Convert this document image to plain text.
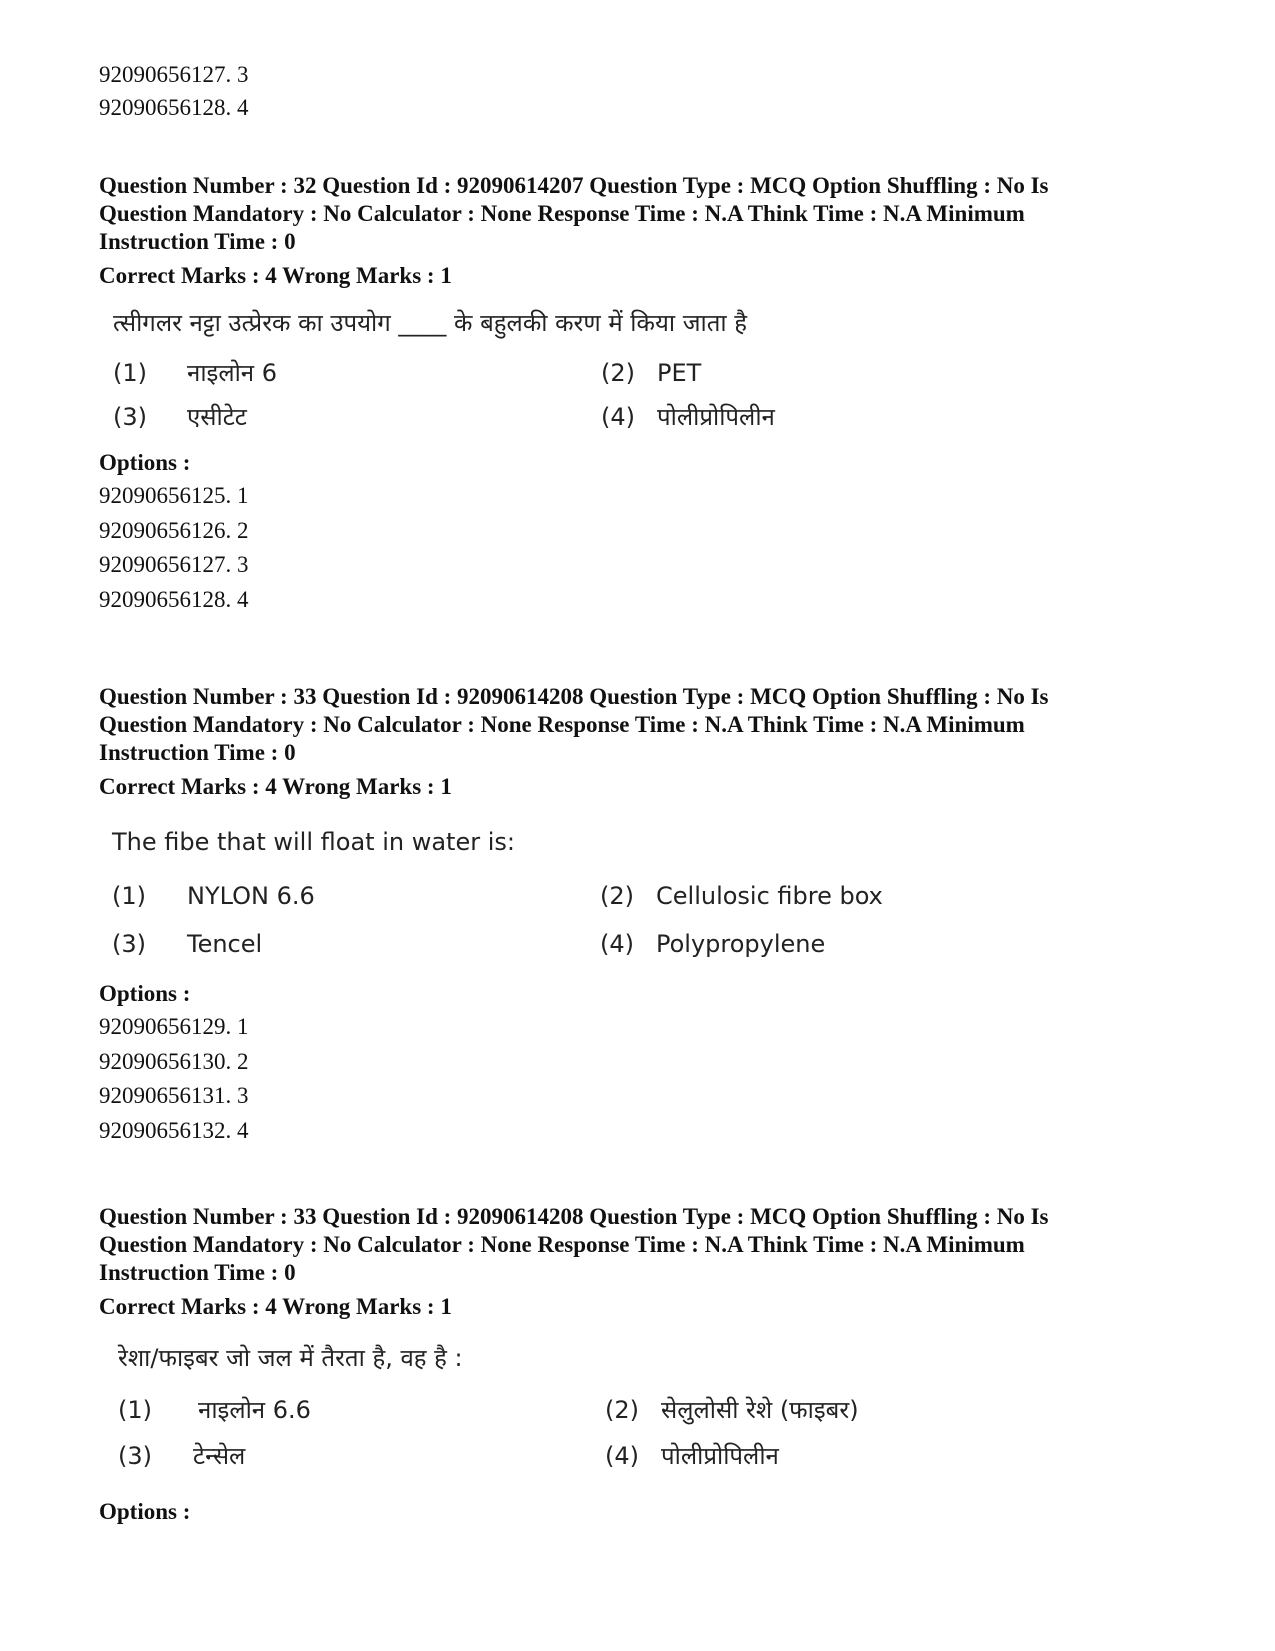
92090656127. 3
92090656128. 4
Question Number : 32 Question Id : 92090614207 Question Type : MCQ Option Shuffling : No Is
Question Mandatory : No Calculator : None Response Time : N.A Think Time : N.A Minimum
Instruction Time : 0
Correct Marks : 4 Wrong Marks : 1
त्सीगलर नट्टा उत्प्रेरक का उपयोग ____ के बहुलकी करण में किया जाता है
(1)	नाइलोन 6	(2) PET
(3)	एसीटेट	(4) पोलीप्रोपिलीन
Options :
92090656125. 1
92090656126. 2
92090656127. 3
92090656128. 4
Question Number : 33 Question Id : 92090614208 Question Type : MCQ Option Shuffling : No Is
Question Mandatory : No Calculator : None Response Time : N.A Think Time : N.A Minimum
Instruction Time : 0
Correct Marks : 4 Wrong Marks : 1
The fibe that will float in water is:
(1)	NYLON 6.6	(2) Cellulosic fibre box
(3)	Tencel	(4) Polypropylene
Options :
92090656129. 1
92090656130. 2
92090656131. 3
92090656132. 4
Question Number : 33 Question Id : 92090614208 Question Type : MCQ Option Shuffling : No Is
Question Mandatory : No Calculator : None Response Time : N.A Think Time : N.A Minimum
Instruction Time : 0
Correct Marks : 4 Wrong Marks : 1
रेशा/फाइबर जो जल में तैरता है, वह है :
(1)	नाइलोन 6.6	(2) सेलुलोसी रेशे (फाइबर)
(3)	टेन्सेल	(4) पोलीप्रोपिलीन
Options :
